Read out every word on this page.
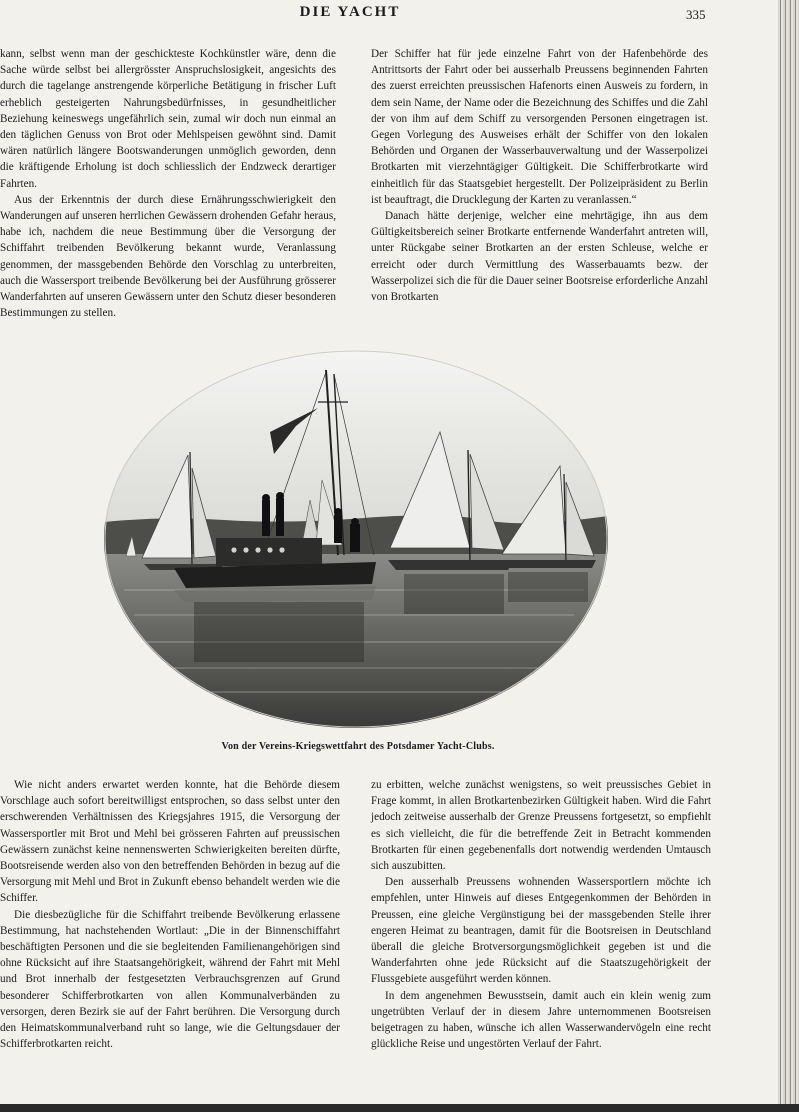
DIE YACHT	335

kann, selbst wenn man der geschickteste Kochkünstler wäre, denn die Sache würde selbst bei allergrösster Anspruchslosigkeit, angesichts des durch die tagelange anstrengende körperliche Betätigung in frischer Luft erheblich gesteigerten Nahrungsbedürfnisses, in gesundheitlicher Beziehung keineswegs ungefährlich sein, zumal wir doch nun einmal an den täglichen Genuss von Brot oder Mehlspeisen gewöhnt sind. Damit wären natürlich längere Bootswanderungen unmöglich geworden, denn die kräftigende Erholung ist doch schliesslich der Endzweck derartiger Fahrten.

Aus der Erkenntnis der durch diese Ernährungsschwierigkeit den Wanderungen auf unseren herrlichen Gewässern drohenden Gefahr heraus, habe ich, nachdem die neue Bestimmung über die Versorgung der Schiffahrt treibenden Bevölkerung bekannt wurde, Veranlassung genommen, der massgebenden Behörde den Vorschlag zu unterbreiten, auch die Wassersport treibende Bevölkerung bei der Ausführung grösserer Wanderfahrten auf unseren Gewässern unter den Schutz dieser besonderen Bestimmungen zu stellen.

Der Schiffer hat für jede einzelne Fahrt von der Hafenbehörde des Antrittsorts der Fahrt oder bei ausserhalb Preussens beginnenden Fahrten des zuerst erreichten preussischen Hafenorts einen Ausweis zu fordern, in dem sein Name, der Name oder die Bezeichnung des Schiffes und die Zahl der von ihm auf dem Schiff zu versorgenden Personen eingetragen ist. Gegen Vorlegung des Ausweises erhält der Schiffer von den lokalen Behörden und Organen der Wasserbauverwaltung und der Wasserpolizei Brotkarten mit vierzehntägiger Gültigkeit. Die Schifferbrotkarte wird einheitlich für das Staatsgebiet hergestellt. Der Polizeipräsident zu Berlin ist beauftragt, die Drucklegung der Karten zu veranlassen.“

Danach hätte derjenige, welcher eine mehrtägige, ihn aus dem Gültigkeitsbereich seiner Brotkarte entfernende Wanderfahrt antreten will, unter Rückgabe seiner Brotkarten an der ersten Schleuse, welche er erreicht oder durch Vermittlung des Wasserbauamts bezw. der Wasserpolizei sich die für die Dauer seiner Bootsreise erforderliche Anzahl von Brotkarten

Von der Vereins-Kriegswettfahrt des Potsdamer Yacht-Clubs.

Wie nicht anders erwartet werden konnte, hat die Behörde diesem Vorschlage auch sofort bereitwilligst entsprochen, so dass selbst unter den erschwerenden Verhältnissen des Kriegsjahres 1915, die Versorgung der Wassersportler mit Brot und Mehl bei grösseren Fahrten auf preussischen Gewässern zunächst keine nennenswerten Schwierigkeiten bereiten dürfte, Bootsreisende werden also von den betreffenden Behörden in bezug auf die Versorgung mit Mehl und Brot in Zukunft ebenso behandelt werden wie die Schiffer.

Die diesbezügliche für die Schiffahrt treibende Bevölkerung erlassene Bestimmung, hat nachstehenden Wortlaut: „Die in der Binnenschiffahrt beschäftigten Personen und die sie begleitenden Familienangehörigen sind ohne Rücksicht auf ihre Staatsangehörigkeit, während der Fahrt mit Mehl und Brot innerhalb der festgesetzten Verbrauchsgrenzen auf Grund besonderer Schifferbrotkarten von allen Kommunalverbänden zu versorgen, deren Bezirk sie auf der Fahrt berühren. Die Versorgung durch den Heimatskommunalverband ruht so lange, wie die Geltungsdauer der Schifferbrotkarten reicht.

zu erbitten, welche zunächst wenigstens, so weit preussisches Gebiet in Frage kommt, in allen Brotkartenbezirken Gültigkeit haben. Wird die Fahrt jedoch zeitweise ausserhalb der Grenze Preussens fortgesetzt, so empfiehlt es sich vielleicht, die für die betreffende Zeit in Betracht kommenden Brotkarten für einen gegebenenfalls dort notwendig werdenden Umtausch sich auszubitten.

Den ausserhalb Preussens wohnenden Wassersportlern möchte ich empfehlen, unter Hinweis auf dieses Entgegenkommen der Behörden in Preussen, eine gleiche Vergünstigung bei der massgebenden Stelle ihrer engeren Heimat zu beantragen, damit für die Bootsreisen in Deutschland überall die gleiche Brotversorgungsmöglichkeit gegeben ist und die Wanderfahrten ohne jede Rücksicht auf die Staatszugehörigkeit der Flussgebiete ausgeführt werden können.

In dem angenehmen Bewusstsein, damit auch ein klein wenig zum ungetrübten Verlauf der in diesem Jahre unternommenen Bootsreisen beigetragen zu haben, wünsche ich allen Wasserwandervögeln eine recht glückliche Reise und ungestörten Verlauf der Fahrt.
